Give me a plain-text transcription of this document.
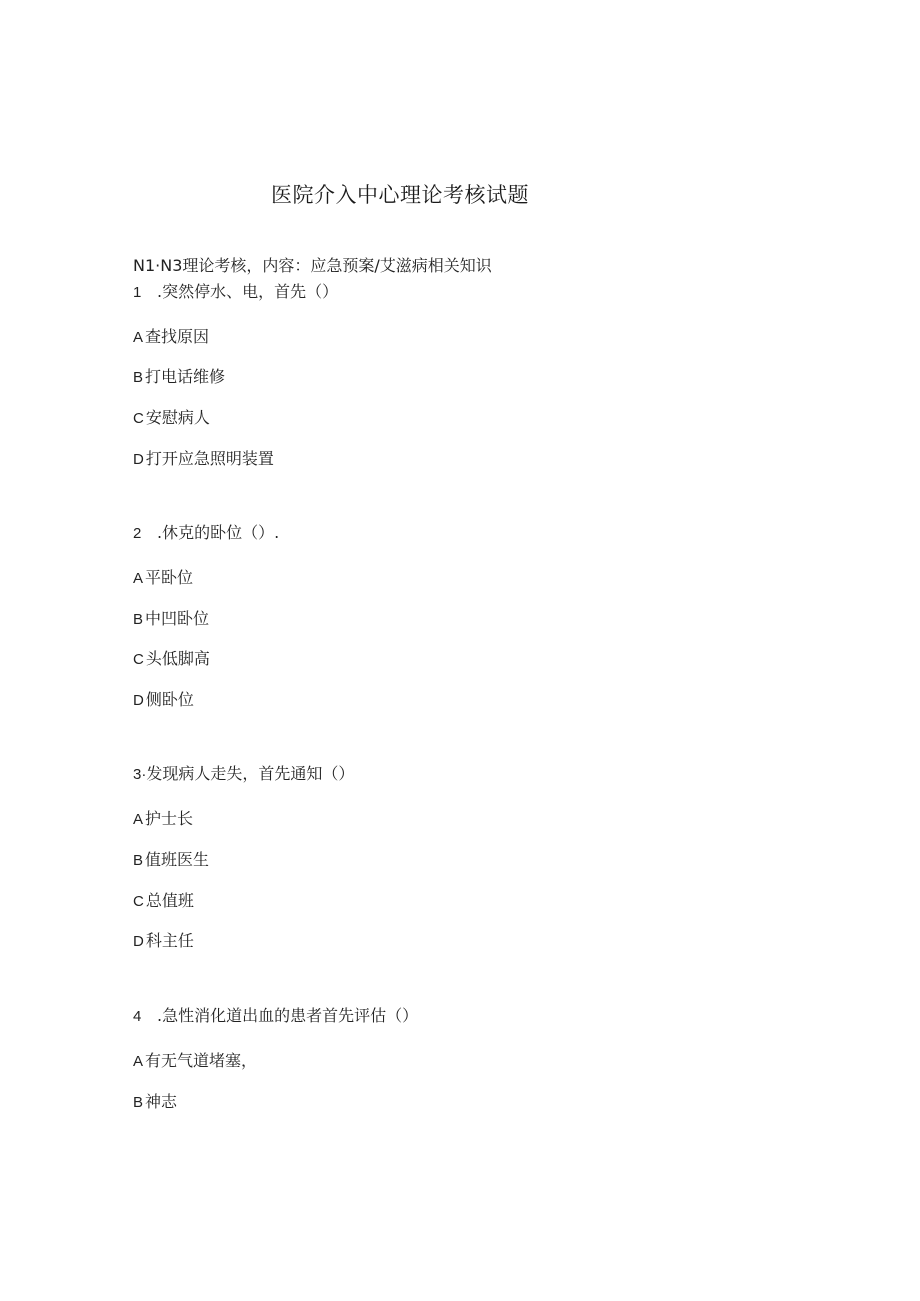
医院介入中心理论考核试题
N1·N3理论考核，内容：应急预案/艾滋病相关知识
1 .突然停水、电，首先（）
A 查找原因
B 打电话维修
C 安慰病人
D 打开应急照明装置
2 .休克的卧位（）.
A 平卧位
B 中凹卧位
C 头低脚高
D 侧卧位
3·发现病人走失，首先通知（）
A 护士长
B 值班医生
C 总值班
D 科主任
4 .急性消化道出血的患者首先评估（）
A 有无气道堵塞，
B 神志
